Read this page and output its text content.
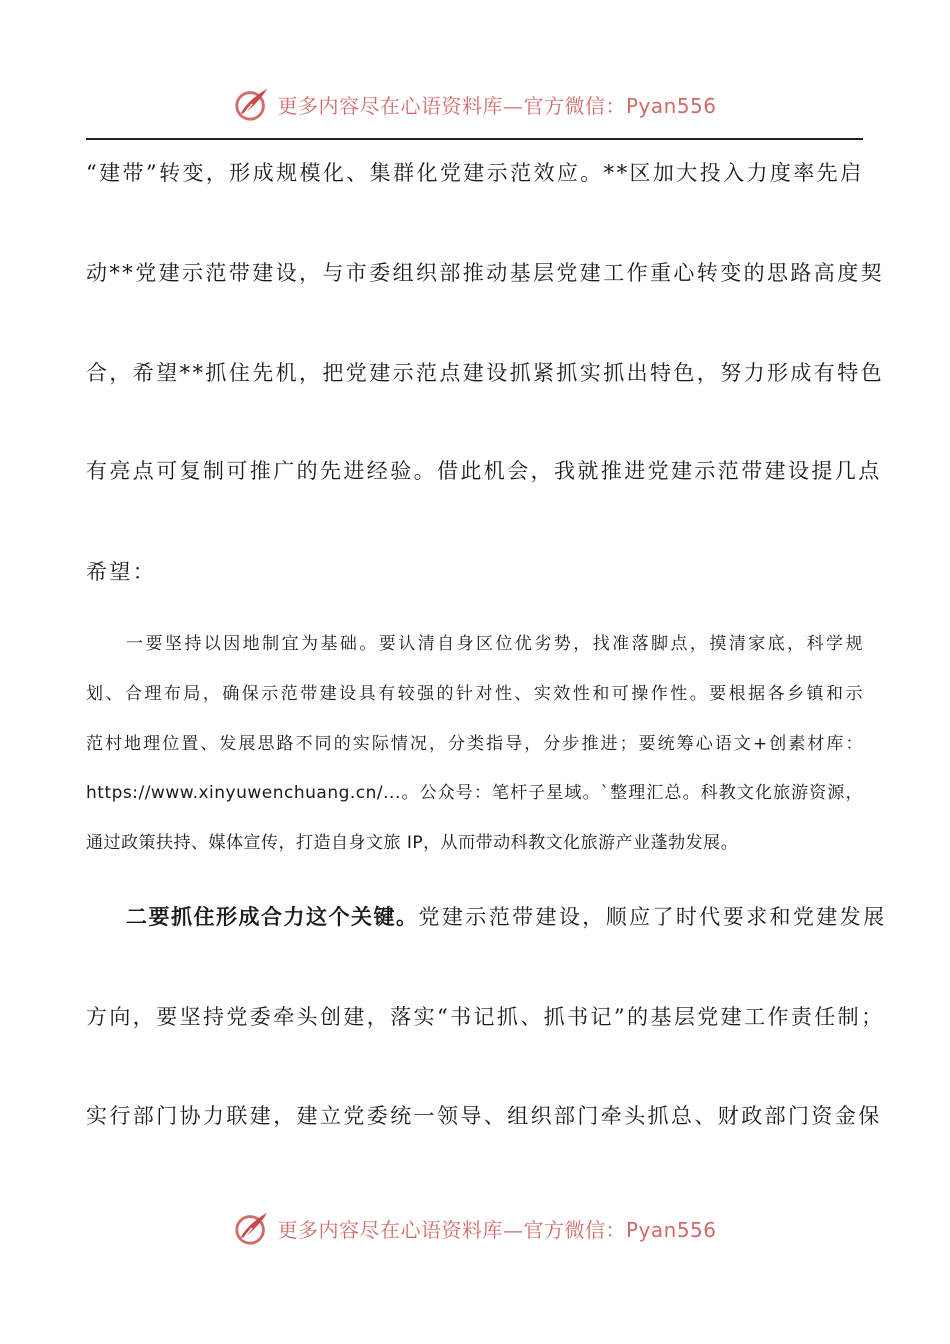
更多内容尽在心语资料库—官方微信：Pyan556

“建带”转变，形成规模化、集群化党建示范效应。**区加大投入力度率先启

动**党建示范带建设，与市委组织部推动基层党建工作重心转变的思路高度契

合，希望**抓住先机，把党建示范点建设抓紧抓实抓出特色，努力形成有特色

有亮点可复制可推广的先进经验。借此机会，我就推进党建示范带建设提几点

希望：

一要坚持以因地制宜为基础。要认清自身区位优劣势，找准落脚点，摸清家底，科学规

划、合理布局，确保示范带建设具有较强的针对性、实效性和可操作性。要根据各乡镇和示

范村地理位置、发展思路不同的实际情况，分类指导，分步推进；要统筹心语文+创素材库：

https://www.xinyuwenchuang.cn/...。公众号：笔杆子星域。`整理汇总。科教文化旅游资源，

通过政策扶持、媒体宣传，打造自身文旅 IP，从而带动科教文化旅游产业蓬勃发展。

二要抓住形成合力这个关键。党建示范带建设，顺应了时代要求和党建发展

方向，要坚持党委牵头创建，落实“书记抓、抓书记”的基层党建工作责任制；

实行部门协力联建，建立党委统一领导、组织部门牵头抓总、财政部门资金保

更多内容尽在心语资料库—官方微信：Pyan556
